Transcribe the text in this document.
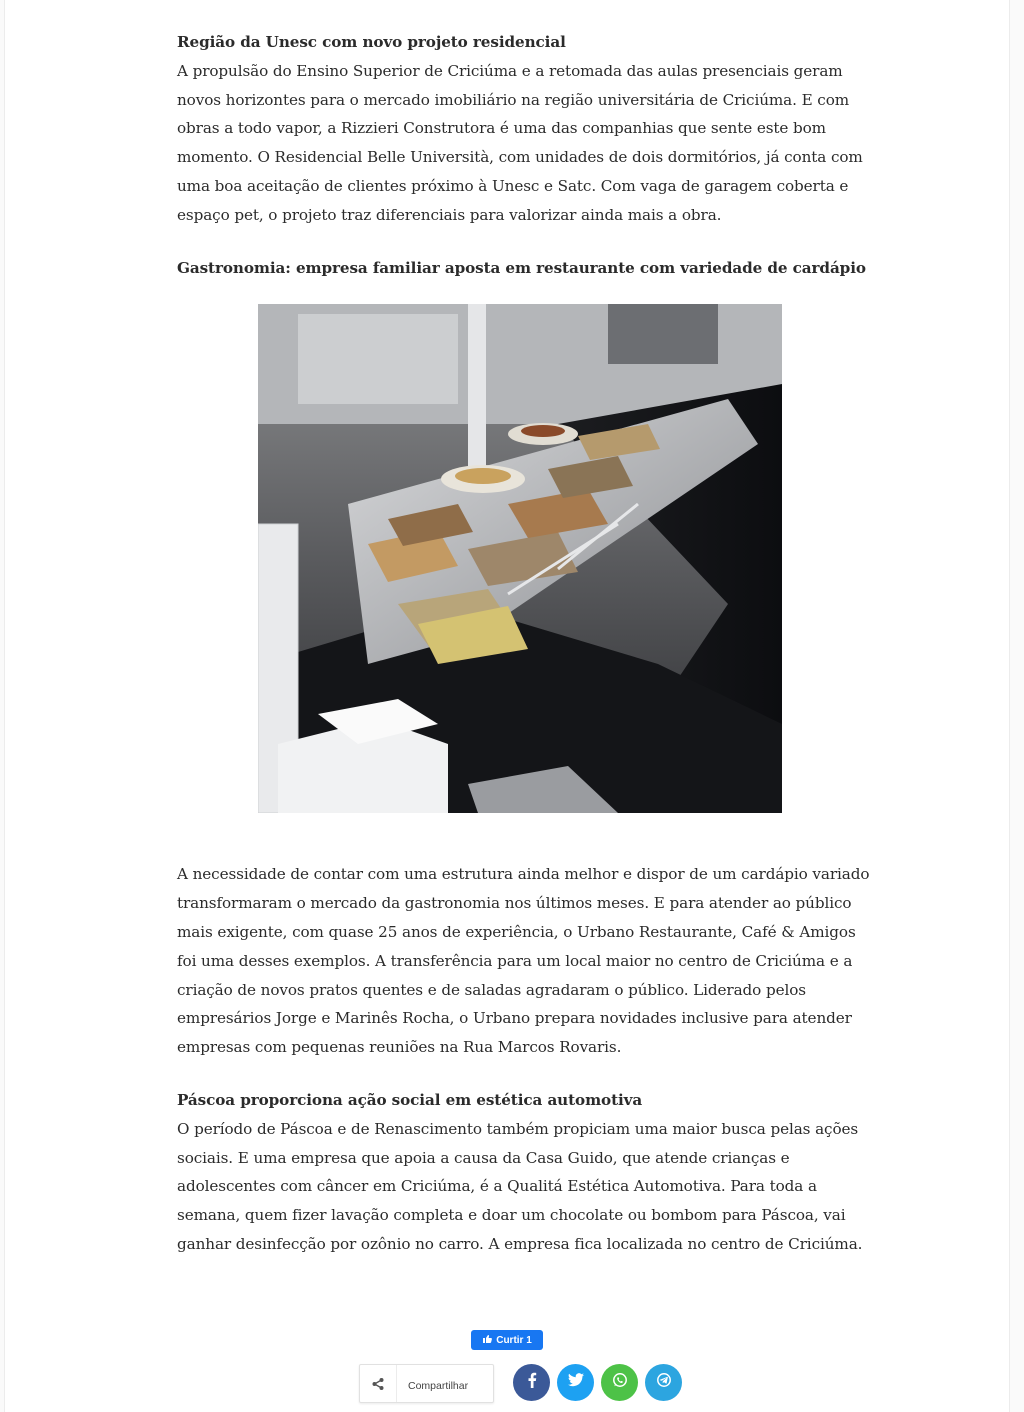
Região da Unesc com novo projeto residencial

A propulsão do Ensino Superior de Criciúma e a retomada das aulas presenciais geram novos horizontes para o mercado imobiliário na região universitária de Criciúma. E com obras a todo vapor, a Rizzieri Construtora é uma das companhias que sente este bom momento. O Residencial Belle Università, com unidades de dois dormitórios, já conta com uma boa aceitação de clientes próximo à Unesc e Satc. Com vaga de garagem coberta e espaço pet, o projeto traz diferenciais para valorizar ainda mais a obra.

Gastronomia: empresa familiar aposta em restaurante com variedade de cardápio

A necessidade de contar com uma estrutura ainda melhor e dispor de um cardápio variado transformaram o mercado da gastronomia nos últimos meses. E para atender ao público mais exigente, com quase 25 anos de experiência, o Urbano Restaurante, Café & Amigos foi uma desses exemplos. A transferência para um local maior no centro de Criciúma e a criação de novos pratos quentes e de saladas agradaram o público. Liderado pelos empresários Jorge e Marinês Rocha, o Urbano prepara novidades inclusive para atender empresas com pequenas reuniões na Rua Marcos Rovaris.

Páscoa proporciona ação social em estética automotiva

O período de Páscoa e de Renascimento também propiciam uma maior busca pelas ações sociais. E uma empresa que apoia a causa da Casa Guido, que atende crianças e adolescentes com câncer em Criciúma, é a Qualitá Estética Automotiva. Para toda a semana, quem fizer lavação completa e doar um chocolate ou bombom para Páscoa, vai ganhar desinfecção por ozônio no carro. A empresa fica localizada no centro de Criciúma.

Curtir 1
Compartilhar
